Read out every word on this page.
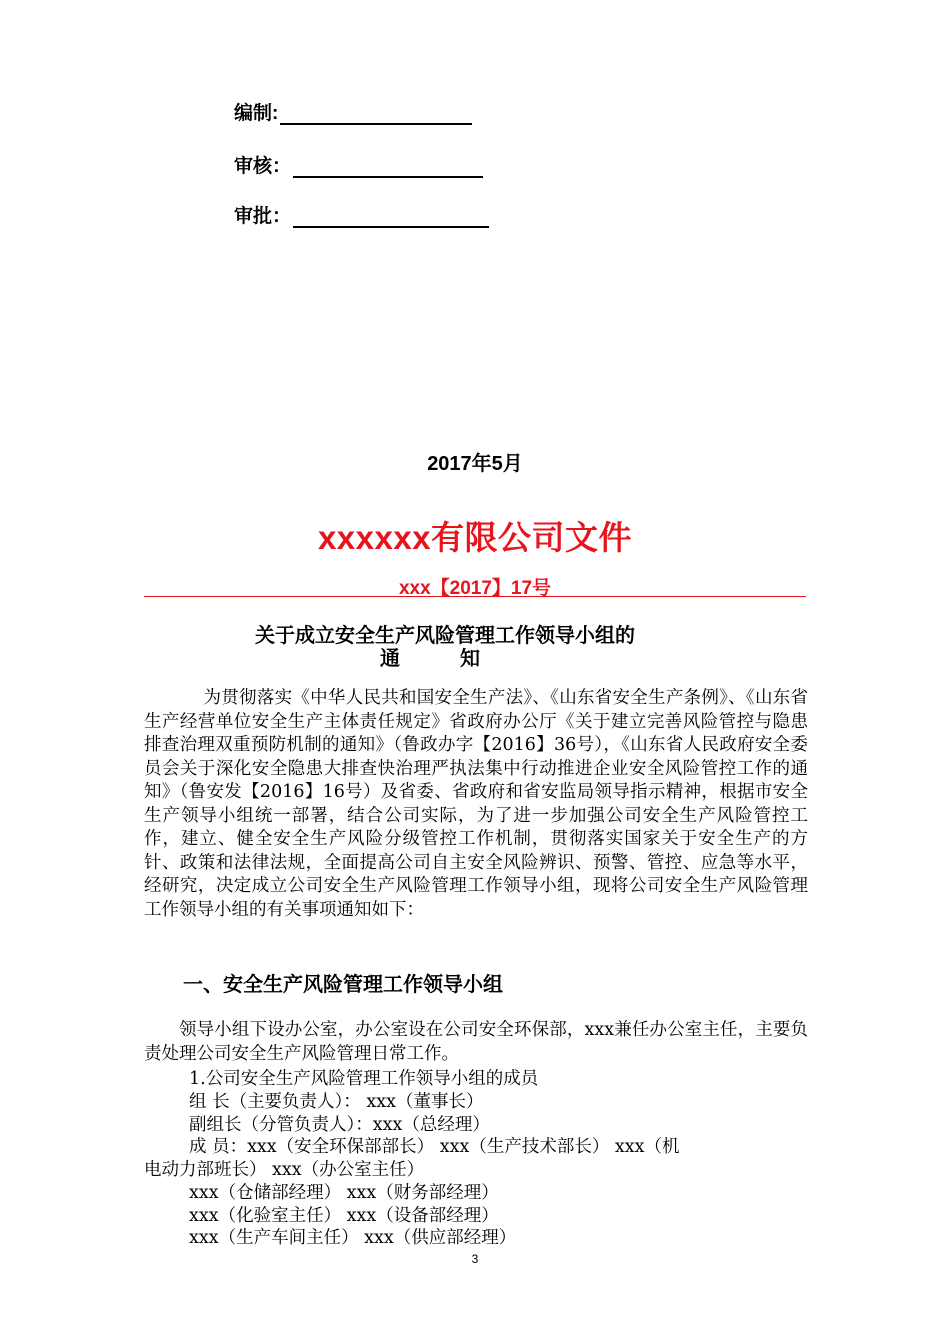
编制:
审核：
审批：
2017年5月
xxxxxx有限公司文件
xxx【2017】17号
关于成立安全生产风险管理工作领导小组的
通　　　知
为贯彻落实《中华人民共和国安全生产法》、《山东省安全生产条例》、《山东省生产经营单位安全生产主体责任规定》省政府办公厅《关于建立完善风险管控与隐患排查治理双重预防机制的通知》（鲁政办字【2016】36号），《山东省人民政府安全委员会关于深化安全隐患大排查快治理严执法集中行动推进企业安全风险管控工作的通知》（鲁安发【2016】16号）及省委、省政府和省安监局领导指示精神，根据市安全生产领导小组统一部署，结合公司实际，为了进一步加强公司安全生产风险管控工作，建立、健全安全生产风险分级管控工作机制，贯彻落实国家关于安全生产的方针、政策和法律法规，全面提高公司自主安全风险辨识、预警、管控、应急等水平，经研究，决定成立公司安全生产风险管理工作领导小组，现将公司安全生产风险管理工作领导小组的有关事项通知如下：
一、安全生产风险管理工作领导小组
领导小组下设办公室，办公室设在公司安全环保部，xxx兼任办公室主任，主要负责处理公司安全生产风险管理日常工作。
1.公司安全生产风险管理工作领导小组的成员
组 长（主要负责人）： xxx（董事长）
副组长（分管负责人）：xxx（总经理）
成 员：xxx（安全环保部部长） xxx（生产技术部长） xxx（机
电动力部班长） xxx（办公室主任）
xxx（仓储部经理） xxx（财务部经理）
xxx（化验室主任） xxx（设备部经理）
xxx（生产车间主任） xxx（供应部经理）
3
